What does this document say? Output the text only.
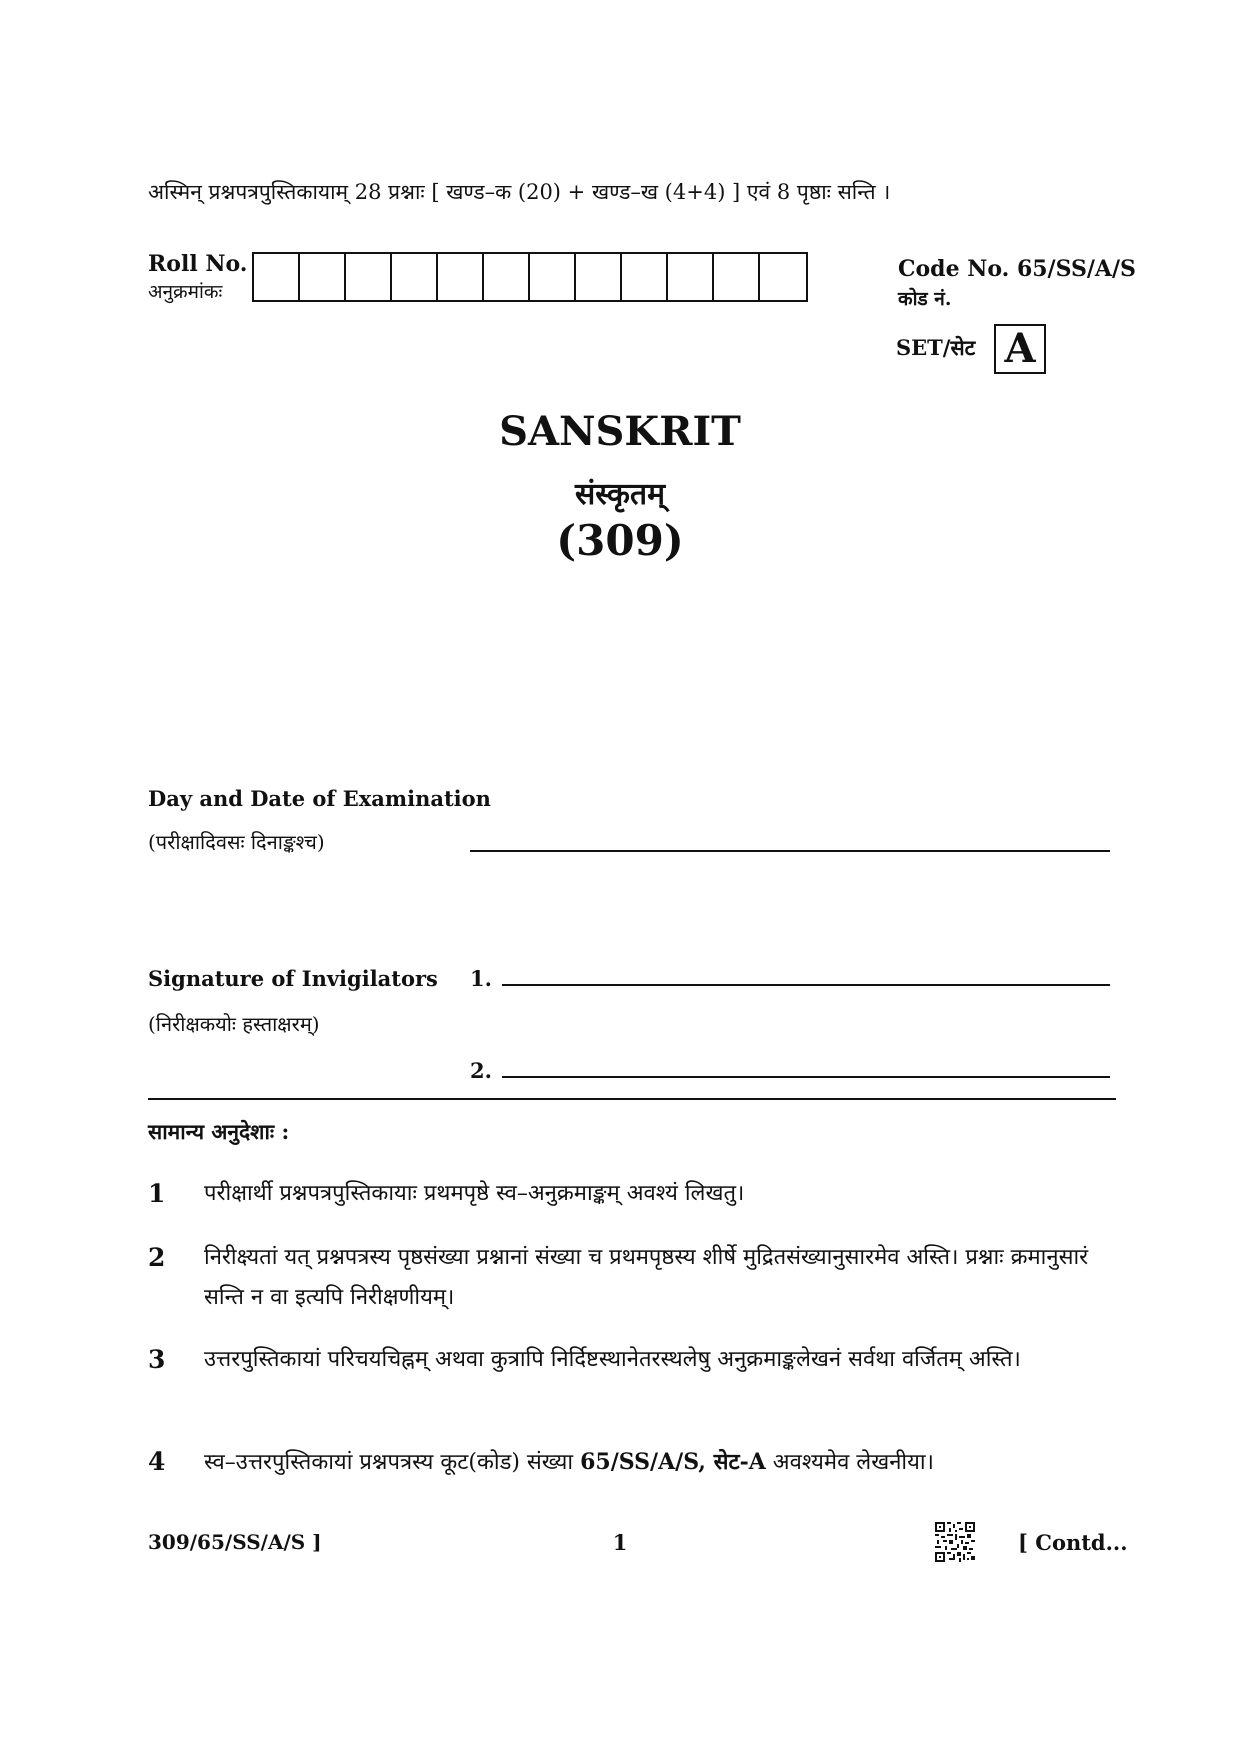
अस्मिन् प्रश्नपत्रपुस्तिकायाम् 28 प्रश्नाः [ खण्ड–क (20) + खण्ड–ख (4+4) ] एवं 8 पृष्ठाः सन्ति ।
Roll No.
अनुक्रमांकः
Code No. 65/SS/A/S
कोड नं.
SET/सेट A
SANSKRIT
संस्कृतम्
(309)
Day and Date of Examination
(परीक्षादिवसः दिनाङ्कश्च)
Signature of Invigilators
(निरीक्षकयोः हस्ताक्षरम्)
1.
2.
सामान्य अनुदेशाः :
1	परीक्षार्थी प्रश्नपत्रपुस्तिकायाः प्रथमपृष्ठे स्व–अनुक्रमाङ्कम् अवश्यं लिखतु।
2	निरीक्ष्यतां यत् प्रश्नपत्रस्य पृष्ठसंख्या प्रश्नानां संख्या च प्रथमपृष्ठस्य शीर्षे मुद्रितसंख्यानुसारमेव अस्ति। प्रश्नाः क्रमानुसारं सन्ति न वा इत्यपि निरीक्षणीयम्।
3	उत्तरपुस्तिकायां परिचयचिह्नम् अथवा कुत्रापि निर्दिष्टस्थानेतरस्थलेषु अनुक्रमाङ्कलेखनं सर्वथा वर्जितम् अस्ति।
4	स्व–उत्तरपुस्तिकायां प्रश्नपत्रस्य कूट(कोड) संख्या 65/SS/A/S, सेट-A अवश्यमेव लेखनीया।
309/65/SS/A/S ]	1	[ Contd...
